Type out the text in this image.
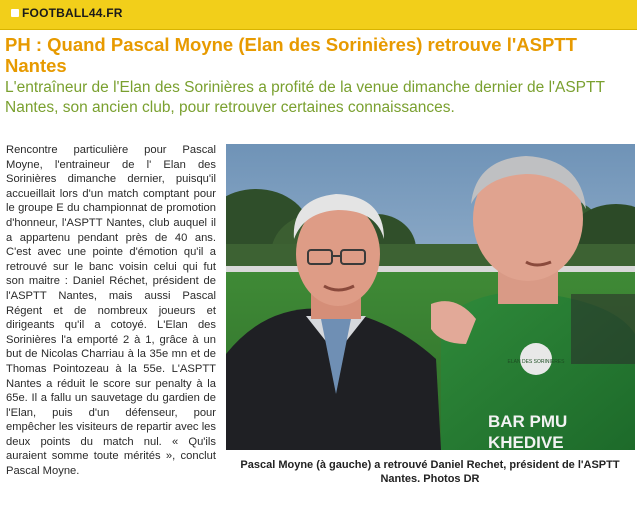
FOOTBALL44.FR
PH : Quand Pascal Moyne (Elan des Sorinières) retrouve l'ASPTT Nantes
L'entraîneur de l'Elan des Sorinières a profité de la venue dimanche dernier de l'ASPTT Nantes, son ancien club, pour retrouver certaines connaissances.
Rencontre particulière pour Pascal Moyne, l'entraineur de l' Elan des Sorinières dimanche dernier, puisqu'il accueillait lors d'un match comptant pour le groupe E du championnat de promotion d'honneur, l'ASPTT Nantes, club auquel il a appartenu pendant près de 40 ans. C'est avec une pointe d'émotion qu'il a retrouvé sur le banc voisin celui qui fut son maitre : Daniel Réchet, président de l'ASPTT Nantes, mais aussi Pascal Régent et de nombreux joueurs et dirigeants qu'il a cotoyé. L'Elan des Sorinières l'a emporté 2 à 1, grâce à un but de Nicolas Charriau à la 35e mn et de Thomas Pointozeau à la 55e. L'ASPTT Nantes a réduit le score sur penalty à la 65e. Il a fallu un sauvetage du gardien de l'Elan, puis d'un défenseur, pour empêcher les visiteurs de repartir avec les deux points du match nul. « Qu'ils auraient somme toute mérités », conclut Pascal Moyne.
ELAN DES SORINIERES
BAR PMU
KHEDIVE
Pascal Moyne (à gauche) a retrouvé Daniel Rechet, président de l'ASPTT Nantes. Photos DR
